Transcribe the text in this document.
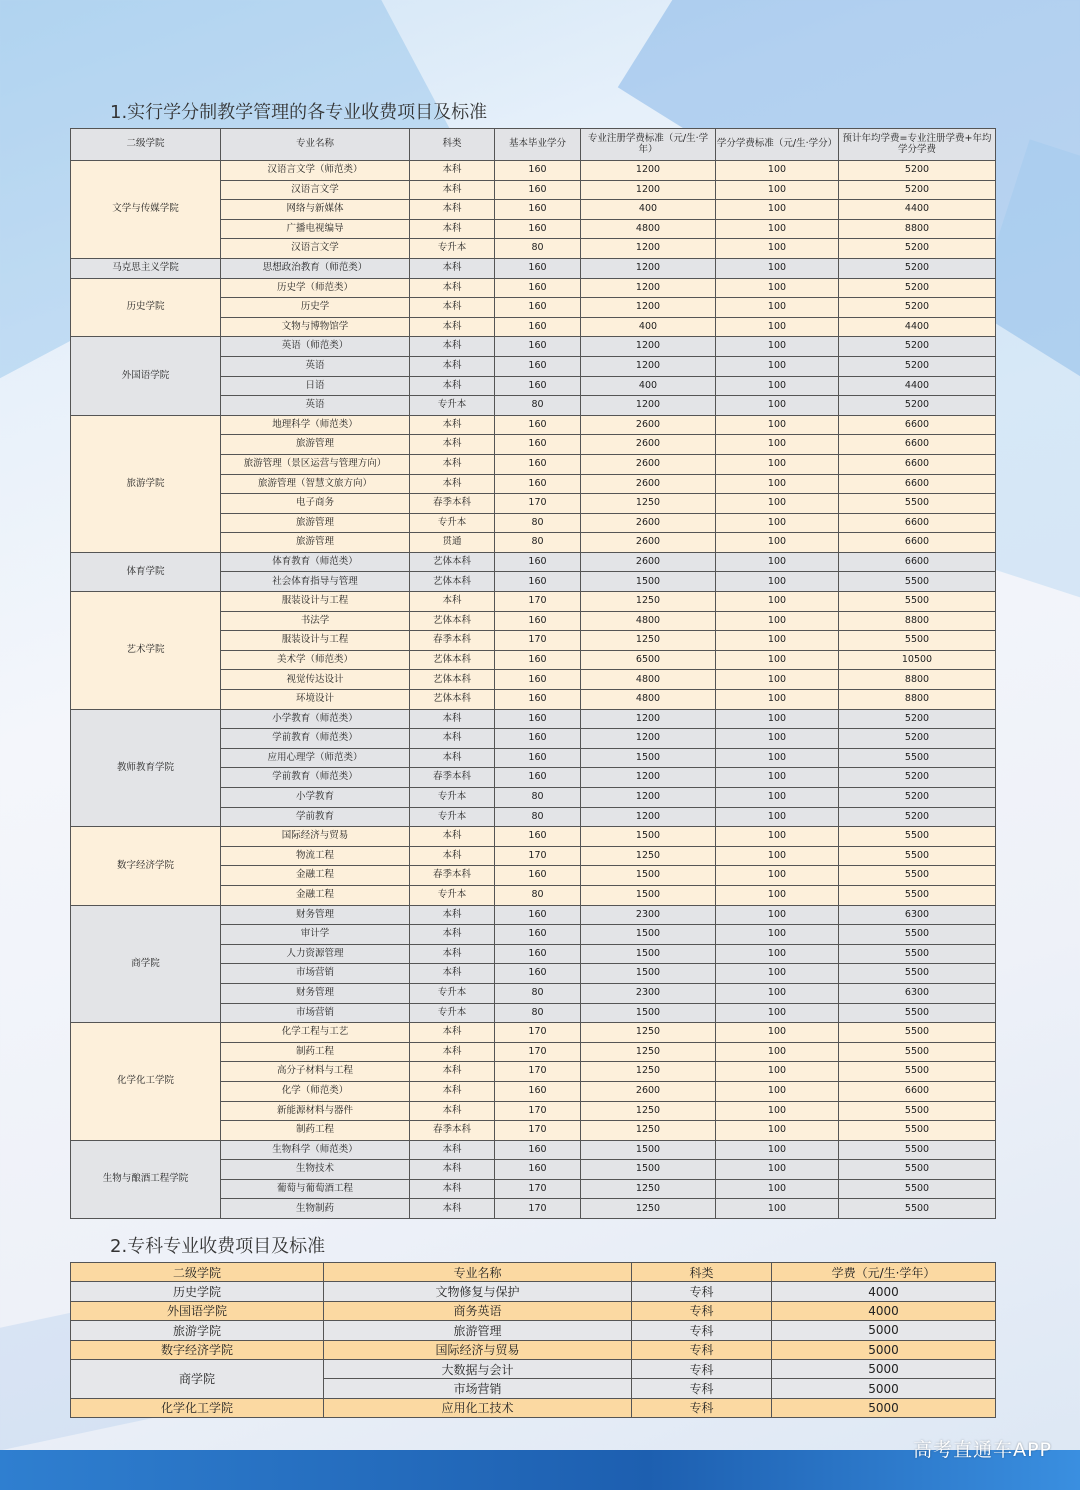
1.实行学分制教学管理的各专业收费项目及标准
二级学院	专业名称	科类	基本毕业学分	专业注册学费标准（元/生·学年）	学分学费标准（元/生·学分）	预计年均学费=专业注册学费+年均学分学费
文学与传媒学院	汉语言文学（师范类）	本科	160	1200	100	5200
	汉语言文学	本科	160	1200	100	5200
	网络与新媒体	本科	160	400	100	4400
	广播电视编导	本科	160	4800	100	8800
	汉语言文学	专升本	80	1200	100	5200
马克思主义学院	思想政治教育（师范类）	本科	160	1200	100	5200
历史学院	历史学（师范类）	本科	160	1200	100	5200
	历史学	本科	160	1200	100	5200
	文物与博物馆学	本科	160	400	100	4400
外国语学院	英语（师范类）	本科	160	1200	100	5200
	英语	本科	160	1200	100	5200
	日语	本科	160	400	100	4400
	英语	专升本	80	1200	100	5200
旅游学院	地理科学（师范类）	本科	160	2600	100	6600
	旅游管理	本科	160	2600	100	6600
	旅游管理（景区运营与管理方向）	本科	160	2600	100	6600
	旅游管理（智慧文旅方向）	本科	160	2600	100	6600
	电子商务	春季本科	170	1250	100	5500
	旅游管理	专升本	80	2600	100	6600
	旅游管理	贯通	80	2600	100	6600
体育学院	体育教育（师范类）	艺体本科	160	2600	100	6600
	社会体育指导与管理	艺体本科	160	1500	100	5500
艺术学院	服装设计与工程	本科	170	1250	100	5500
	书法学	艺体本科	160	4800	100	8800
	服装设计与工程	春季本科	170	1250	100	5500
	美术学（师范类）	艺体本科	160	6500	100	10500
	视觉传达设计	艺体本科	160	4800	100	8800
	环境设计	艺体本科	160	4800	100	8800
教师教育学院	小学教育（师范类）	本科	160	1200	100	5200
	学前教育（师范类）	本科	160	1200	100	5200
	应用心理学（师范类）	本科	160	1500	100	5500
	学前教育（师范类）	春季本科	160	1200	100	5200
	小学教育	专升本	80	1200	100	5200
	学前教育	专升本	80	1200	100	5200
数字经济学院	国际经济与贸易	本科	160	1500	100	5500
	物流工程	本科	170	1250	100	5500
	金融工程	春季本科	160	1500	100	5500
	金融工程	专升本	80	1500	100	5500
商学院	财务管理	本科	160	2300	100	6300
	审计学	本科	160	1500	100	5500
	人力资源管理	本科	160	1500	100	5500
	市场营销	本科	160	1500	100	5500
	财务管理	专升本	80	2300	100	6300
	市场营销	专升本	80	1500	100	5500
化学化工学院	化学工程与工艺	本科	170	1250	100	5500
	制药工程	本科	170	1250	100	5500
	高分子材料与工程	本科	170	1250	100	5500
	化学（师范类）	本科	160	2600	100	6600
	新能源材料与器件	本科	170	1250	100	5500
	制药工程	春季本科	170	1250	100	5500
生物与酿酒工程学院	生物科学（师范类）	本科	160	1500	100	5500
	生物技术	本科	160	1500	100	5500
	葡萄与葡萄酒工程	本科	170	1250	100	5500
	生物制药	本科	170	1250	100	5500
2.专科专业收费项目及标准
二级学院	专业名称	科类	学费（元/生·学年）
历史学院	文物修复与保护	专科	4000
外国语学院	商务英语	专科	4000
旅游学院	旅游管理	专科	5000
数字经济学院	国际经济与贸易	专科	5000
商学院	大数据与会计	专科	5000
	市场营销	专科	5000
化学化工学院	应用化工技术	专科	5000
高考直通车APP
